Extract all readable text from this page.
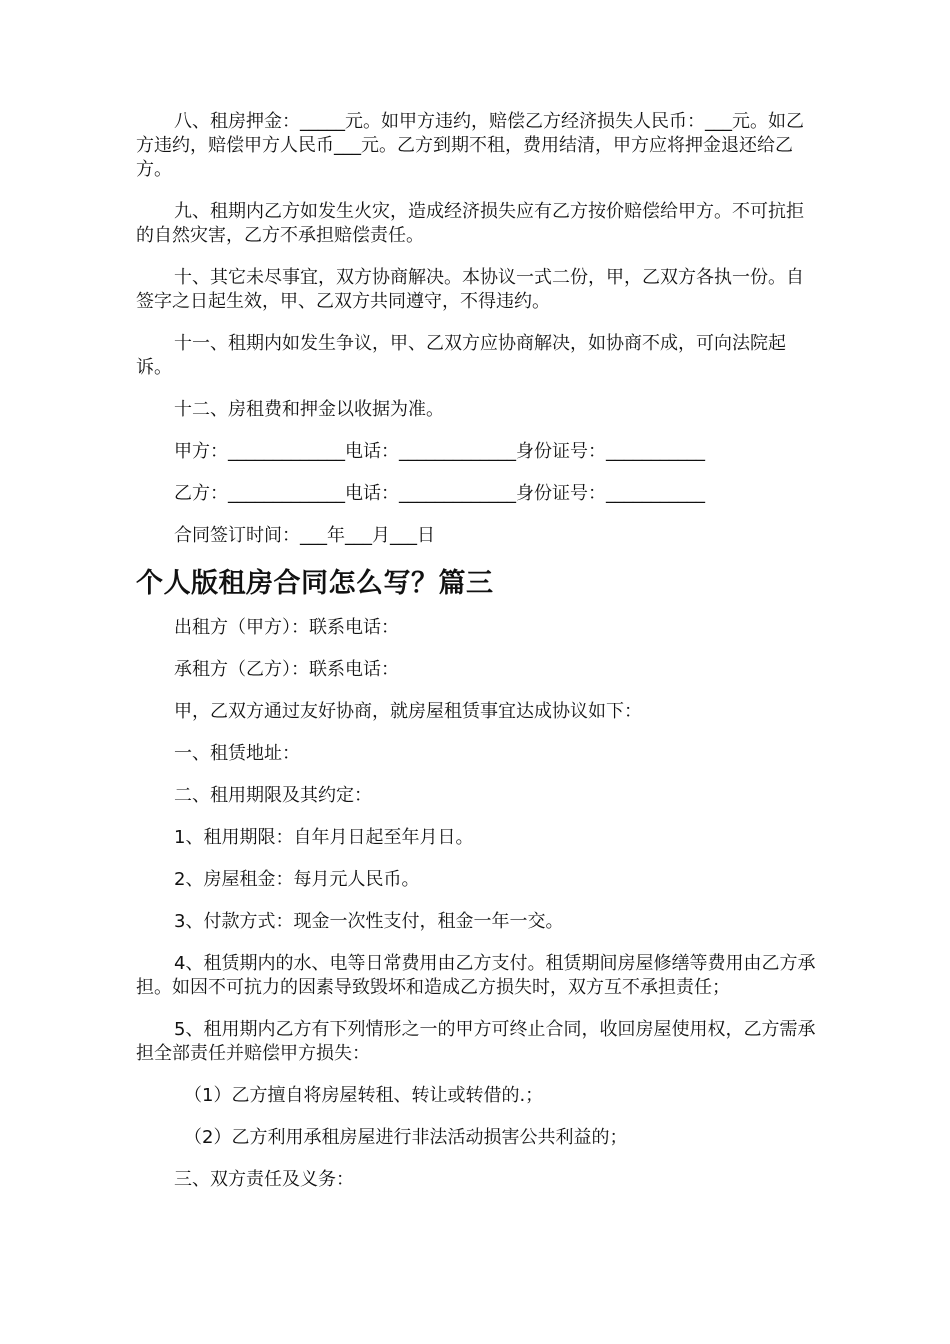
八、租房押金：_____元。如甲方违约，赔偿乙方经济损失人民币：___元。如乙方违约，赔偿甲方人民币___元。乙方到期不租，费用结清，甲方应将押金退还给乙方。

九、租期内乙方如发生火灾，造成经济损失应有乙方按价赔偿给甲方。不可抗拒的自然灾害，乙方不承担赔偿责任。

十、其它未尽事宜，双方协商解决。本协议一式二份，甲，乙双方各执一份。自签字之日起生效，甲、乙双方共同遵守，不得违约。

十一、租期内如发生争议，甲、乙双方应协商解决，如协商不成，可向法院起诉。

十二、房租费和押金以收据为准。

甲方：_____________电话：_____________身份证号：___________
乙方：_____________电话：_____________身份证号：___________
合同签订时间：___年___月___日
个人版租房合同怎么写？篇三
出租方（甲方）：联系电话：
承租方（乙方）：联系电话：
甲，乙双方通过友好协商，就房屋租赁事宜达成协议如下：
一、租赁地址：
二、租用期限及其约定：
1、租用期限：自年月日起至年月日。
2、房屋租金：每月元人民币。
3、付款方式：现金一次性支付，租金一年一交。

4、租赁期内的水、电等日常费用由乙方支付。租赁期间房屋修缮等费用由乙方承担。如因不可抗力的因素导致毁坏和造成乙方损失时，双方互不承担责任；

5、租用期内乙方有下列情形之一的甲方可终止合同，收回房屋使用权，乙方需承担全部责任并赔偿甲方损失：

（1）乙方擅自将房屋转租、转让或转借的.；

（2）乙方利用承租房屋进行非法活动损害公共利益的；

三、双方责任及义务：
